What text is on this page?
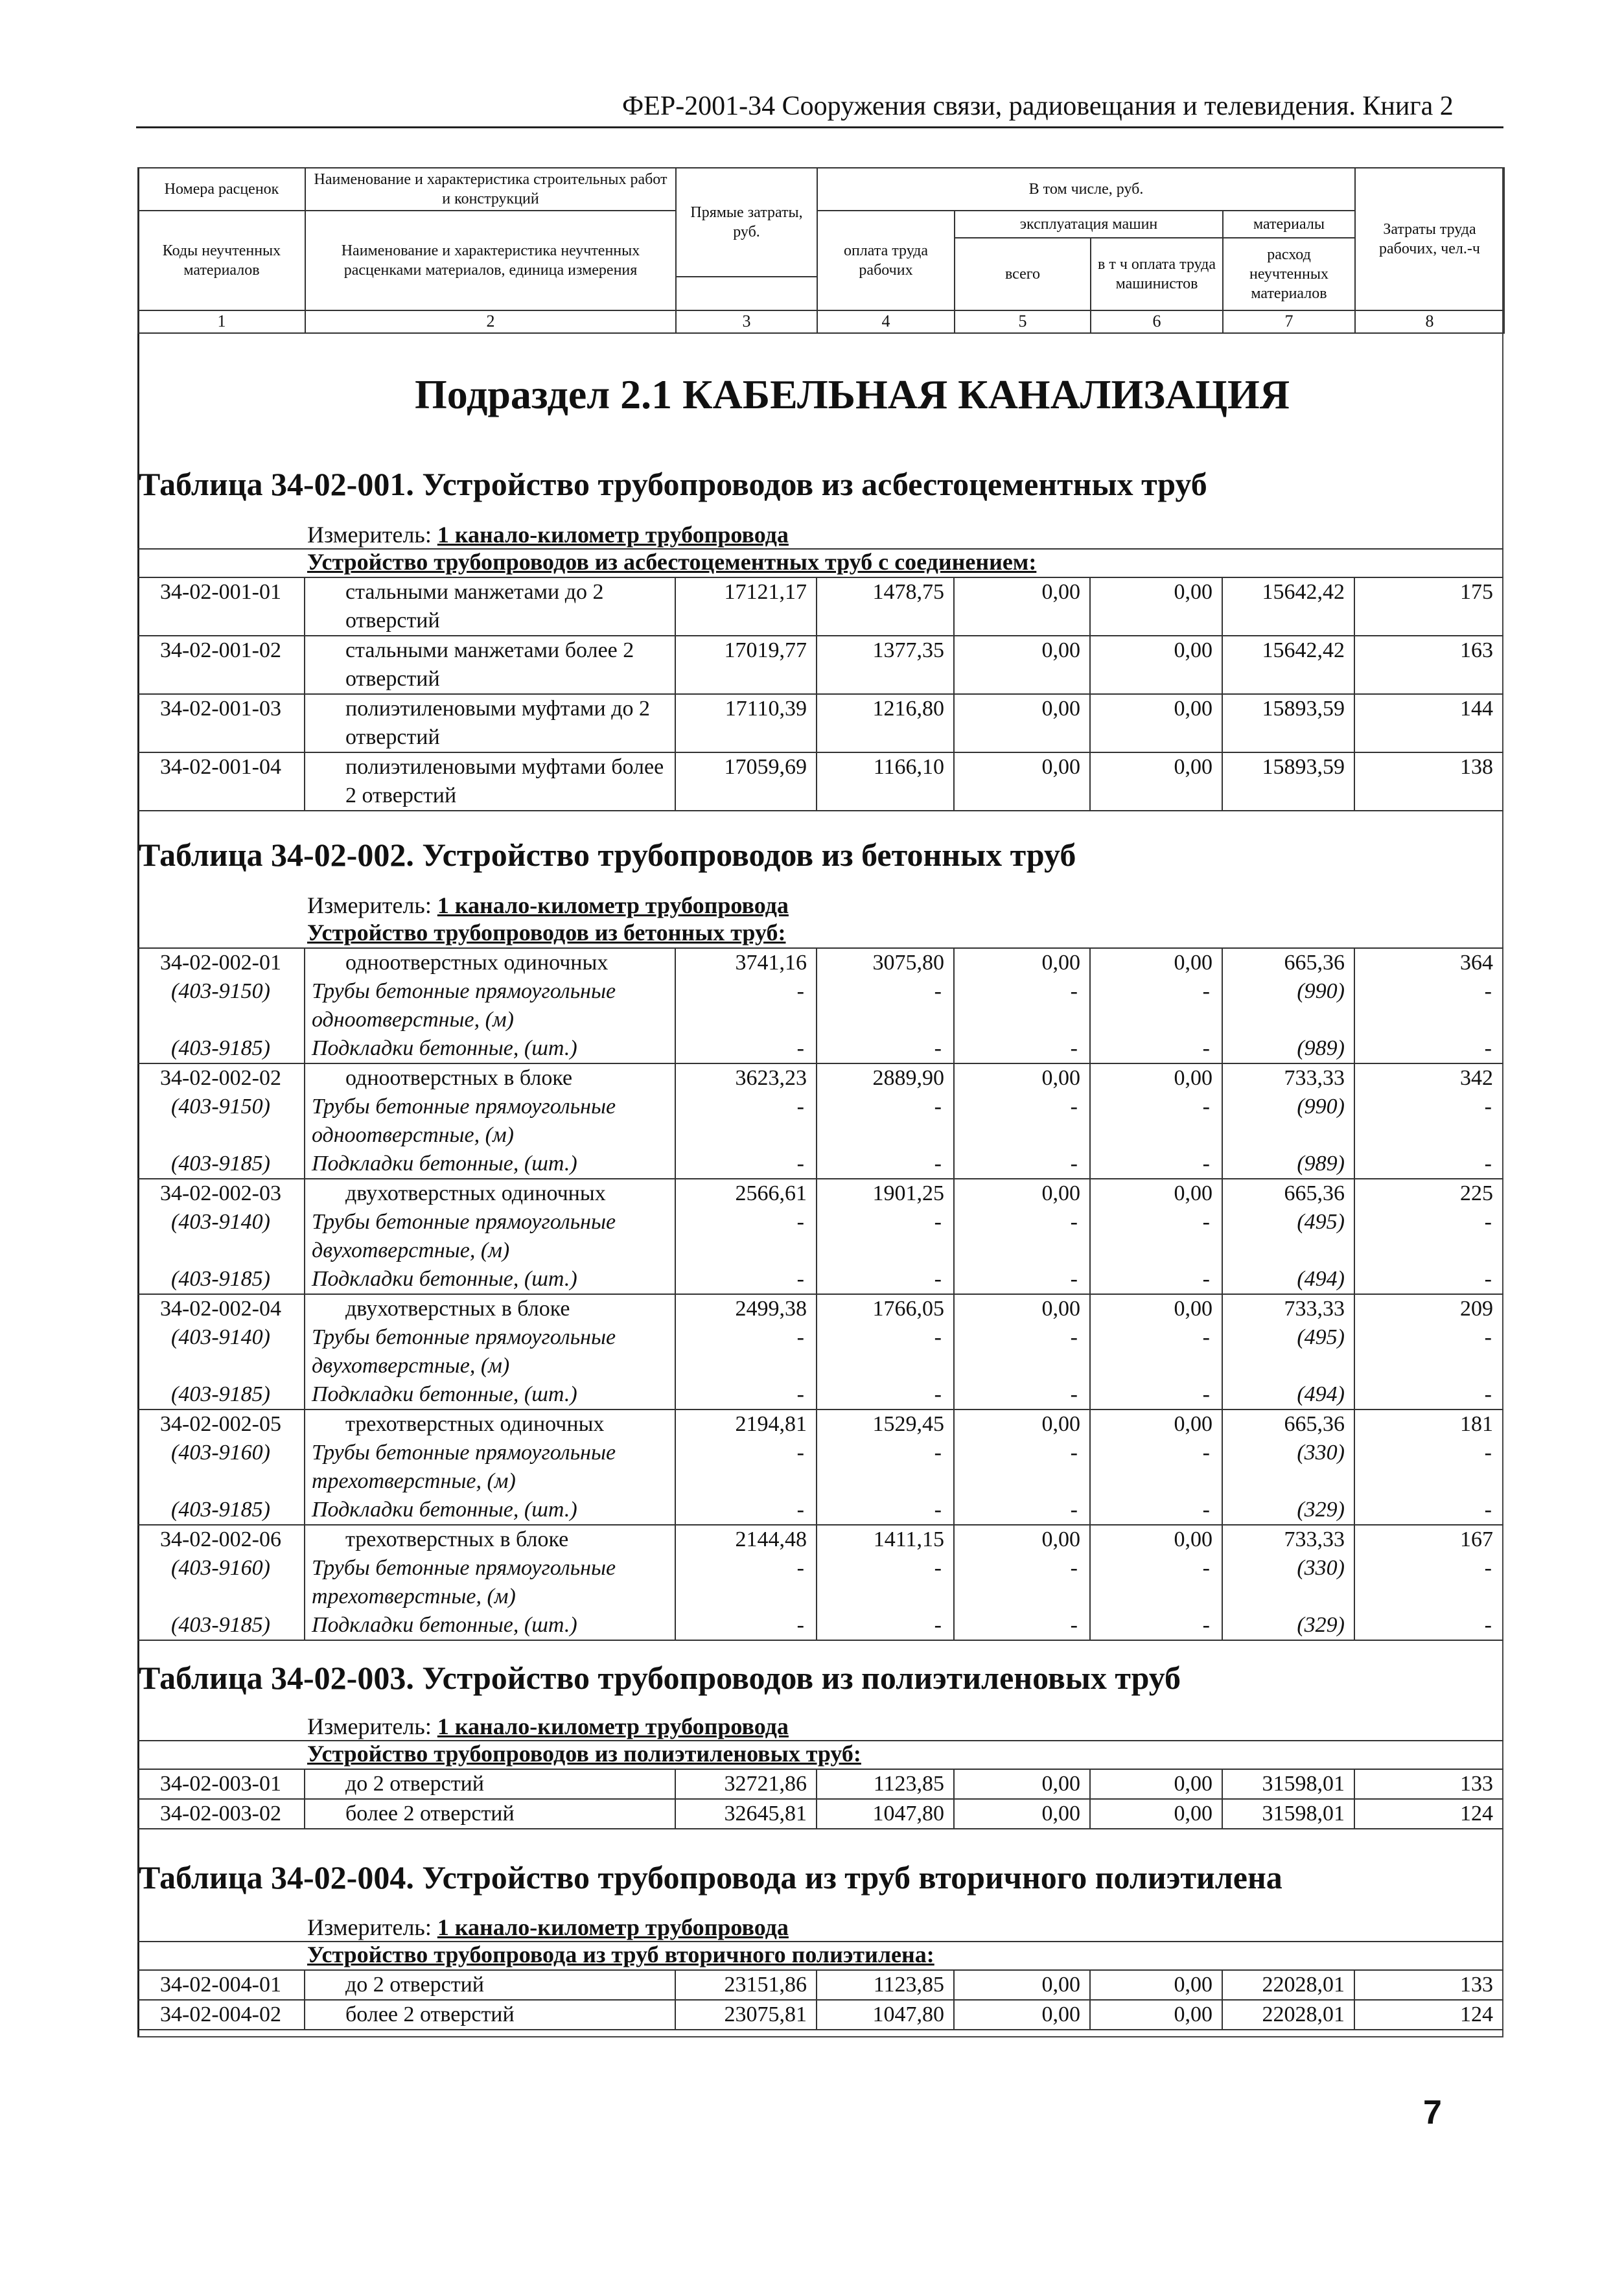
ФЕР-2001-34 Сооружения связи, радиовещания и телевидения. Книга 2
Номера расценок	Наименование и характеристика строительных работ и конструкций	Прямые затраты, руб.	В том числе, руб.				Затраты труда рабочих, чел.-ч
Коды неучтенных материалов	Наименование и характеристика неучтенных расценками материалов, единица измерения		оплата труда рабочих	эксплуатация машин		материалы	
				всего	в т ч оплата труда машинистов	расход неучтенных материалов	

1	2	3	4	5	6	7	8
Подраздел 2.1 КАБЕЛЬНАЯ КАНАЛИЗАЦИЯ
Таблица 34-02-001. Устройство трубопроводов из асбестоцементных труб
Измеритель: 1 канало-километр трубопровода
Устройство трубопроводов из асбестоцементных труб с соединением:
34-02-001-01	стальными манжетами до 2 отверстий	17121,17	1478,75	0,00	0,00	15642,42	175
34-02-001-02	стальными манжетами более 2 отверстий	17019,77	1377,35	0,00	0,00	15642,42	163
34-02-001-03	полиэтиленовыми муфтами до 2 отверстий	17110,39	1216,80	0,00	0,00	15893,59	144
34-02-001-04	полиэтиленовыми муфтами более 2 отверстий	17059,69	1166,10	0,00	0,00	15893,59	138
Таблица 34-02-002. Устройство трубопроводов из бетонных труб
Измеритель: 1 канало-километр трубопровода
Устройство трубопроводов из бетонных труб:
34-02-002-01	одноотверстных одиночных	3741,16	3075,80	0,00	0,00	665,36	364
(403-9150)	Трубы бетонные прямоугольные одноотверстные, (м)	-	-	-	-	(990)	-
(403-9185)	Подкладки бетонные, (шт.)	-	-	-	-	(989)	-
34-02-002-02	одноотверстных в блоке	3623,23	2889,90	0,00	0,00	733,33	342
(403-9150)	Трубы бетонные прямоугольные одноотверстные, (м)	-	-	-	-	(990)	-
(403-9185)	Подкладки бетонные, (шт.)	-	-	-	-	(989)	-
34-02-002-03	двухотверстных одиночных	2566,61	1901,25	0,00	0,00	665,36	225
(403-9140)	Трубы бетонные прямоугольные двухотверстные, (м)	-	-	-	-	(495)	-
(403-9185)	Подкладки бетонные, (шт.)	-	-	-	-	(494)	-
34-02-002-04	двухотверстных в блоке	2499,38	1766,05	0,00	0,00	733,33	209
(403-9140)	Трубы бетонные прямоугольные двухотверстные, (м)	-	-	-	-	(495)	-
(403-9185)	Подкладки бетонные, (шт.)	-	-	-	-	(494)	-
34-02-002-05	трехотверстных одиночных	2194,81	1529,45	0,00	0,00	665,36	181
(403-9160)	Трубы бетонные прямоугольные трехотверстные, (м)	-	-	-	-	(330)	-
(403-9185)	Подкладки бетонные, (шт.)	-	-	-	-	(329)	-
34-02-002-06	трехотверстных в блоке	2144,48	1411,15	0,00	0,00	733,33	167
(403-9160)	Трубы бетонные прямоугольные трехотверстные, (м)	-	-	-	-	(330)	-
(403-9185)	Подкладки бетонные, (шт.)	-	-	-	-	(329)	-
Таблица 34-02-003. Устройство трубопроводов из полиэтиленовых труб
Измеритель: 1 канало-километр трубопровода
Устройство трубопроводов из полиэтиленовых труб:
34-02-003-01	до 2 отверстий	32721,86	1123,85	0,00	0,00	31598,01	133
34-02-003-02	более 2 отверстий	32645,81	1047,80	0,00	0,00	31598,01	124
Таблица 34-02-004. Устройство трубопровода из труб вторичного полиэтилена
Измеритель: 1 канало-километр трубопровода
Устройство трубопровода из труб вторичного полиэтилена:
34-02-004-01	до 2 отверстий	23151,86	1123,85	0,00	0,00	22028,01	133
34-02-004-02	более 2 отверстий	23075,81	1047,80	0,00	0,00	22028,01	124
7
